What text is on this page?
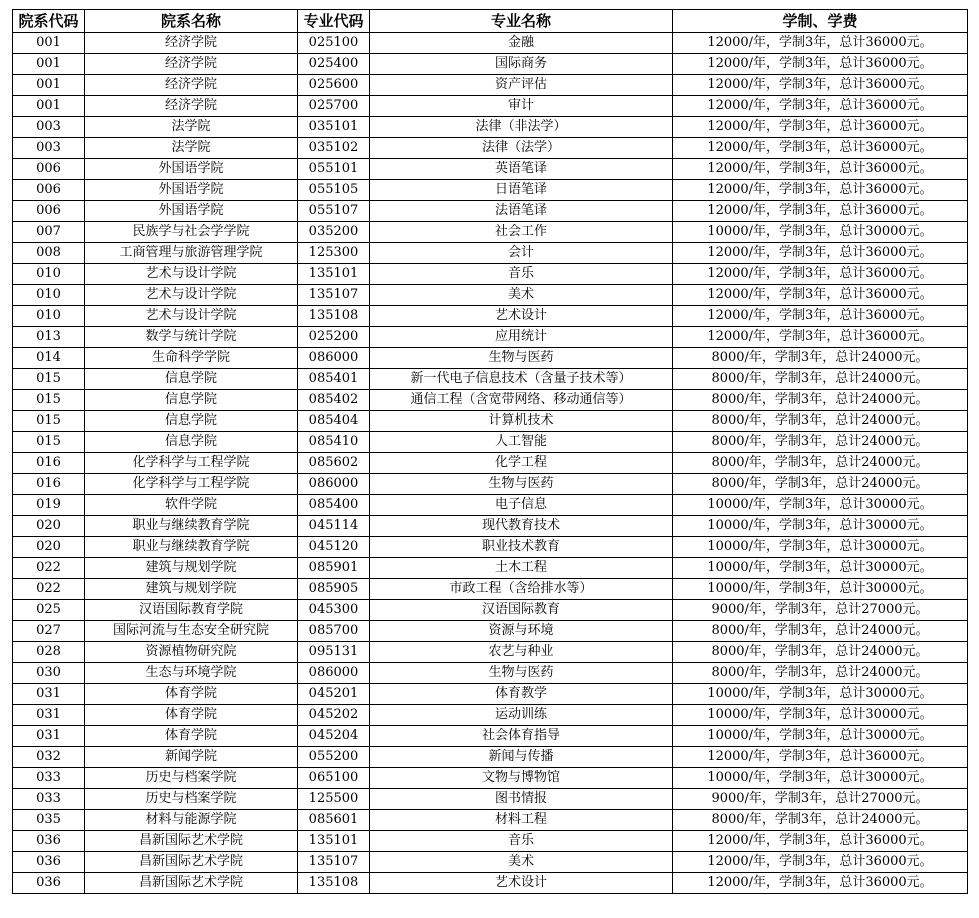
院系代码	院系名称	专业代码	专业名称	学制、学费
001	经济学院	025100	金融	12000/年，学制3年，总计36000元。
001	经济学院	025400	国际商务	12000/年，学制3年，总计36000元。
001	经济学院	025600	资产评估	12000/年，学制3年，总计36000元。
001	经济学院	025700	审计	12000/年，学制3年，总计36000元。
003	法学院	035101	法律（非法学）	12000/年，学制3年，总计36000元。
003	法学院	035102	法律（法学）	12000/年，学制3年，总计36000元。
006	外国语学院	055101	英语笔译	12000/年，学制3年，总计36000元。
006	外国语学院	055105	日语笔译	12000/年，学制3年，总计36000元。
006	外国语学院	055107	法语笔译	12000/年，学制3年，总计36000元。
007	民族学与社会学学院	035200	社会工作	10000/年，学制3年，总计30000元。
008	工商管理与旅游管理学院	125300	会计	12000/年，学制3年，总计36000元。
010	艺术与设计学院	135101	音乐	12000/年，学制3年，总计36000元。
010	艺术与设计学院	135107	美术	12000/年，学制3年，总计36000元。
010	艺术与设计学院	135108	艺术设计	12000/年，学制3年，总计36000元。
013	数学与统计学院	025200	应用统计	12000/年，学制3年，总计36000元。
014	生命科学学院	086000	生物与医药	8000/年，学制3年，总计24000元。
015	信息学院	085401	新一代电子信息技术（含量子技术等）	8000/年，学制3年，总计24000元。
015	信息学院	085402	通信工程（含宽带网络、移动通信等）	8000/年，学制3年，总计24000元。
015	信息学院	085404	计算机技术	8000/年，学制3年，总计24000元。
015	信息学院	085410	人工智能	8000/年，学制3年，总计24000元。
016	化学科学与工程学院	085602	化学工程	8000/年，学制3年，总计24000元。
016	化学科学与工程学院	086000	生物与医药	8000/年，学制3年，总计24000元。
019	软件学院	085400	电子信息	10000/年，学制3年，总计30000元。
020	职业与继续教育学院	045114	现代教育技术	10000/年，学制3年，总计30000元。
020	职业与继续教育学院	045120	职业技术教育	10000/年，学制3年，总计30000元。
022	建筑与规划学院	085901	土木工程	10000/年，学制3年，总计30000元。
022	建筑与规划学院	085905	市政工程（含给排水等）	10000/年，学制3年，总计30000元。
025	汉语国际教育学院	045300	汉语国际教育	9000/年，学制3年，总计27000元。
027	国际河流与生态安全研究院	085700	资源与环境	8000/年，学制3年，总计24000元。
028	资源植物研究院	095131	农艺与种业	8000/年，学制3年，总计24000元。
030	生态与环境学院	086000	生物与医药	8000/年，学制3年，总计24000元。
031	体育学院	045201	体育教学	10000/年，学制3年，总计30000元。
031	体育学院	045202	运动训练	10000/年，学制3年，总计30000元。
031	体育学院	045204	社会体育指导	10000/年，学制3年，总计30000元。
032	新闻学院	055200	新闻与传播	12000/年，学制3年，总计36000元。
033	历史与档案学院	065100	文物与博物馆	10000/年，学制3年，总计30000元。
033	历史与档案学院	125500	图书情报	9000/年，学制3年，总计27000元。
035	材料与能源学院	085601	材料工程	8000/年，学制3年，总计24000元。
036	昌新国际艺术学院	135101	音乐	12000/年，学制3年，总计36000元。
036	昌新国际艺术学院	135107	美术	12000/年，学制3年，总计36000元。
036	昌新国际艺术学院	135108	艺术设计	12000/年，学制3年，总计36000元。
